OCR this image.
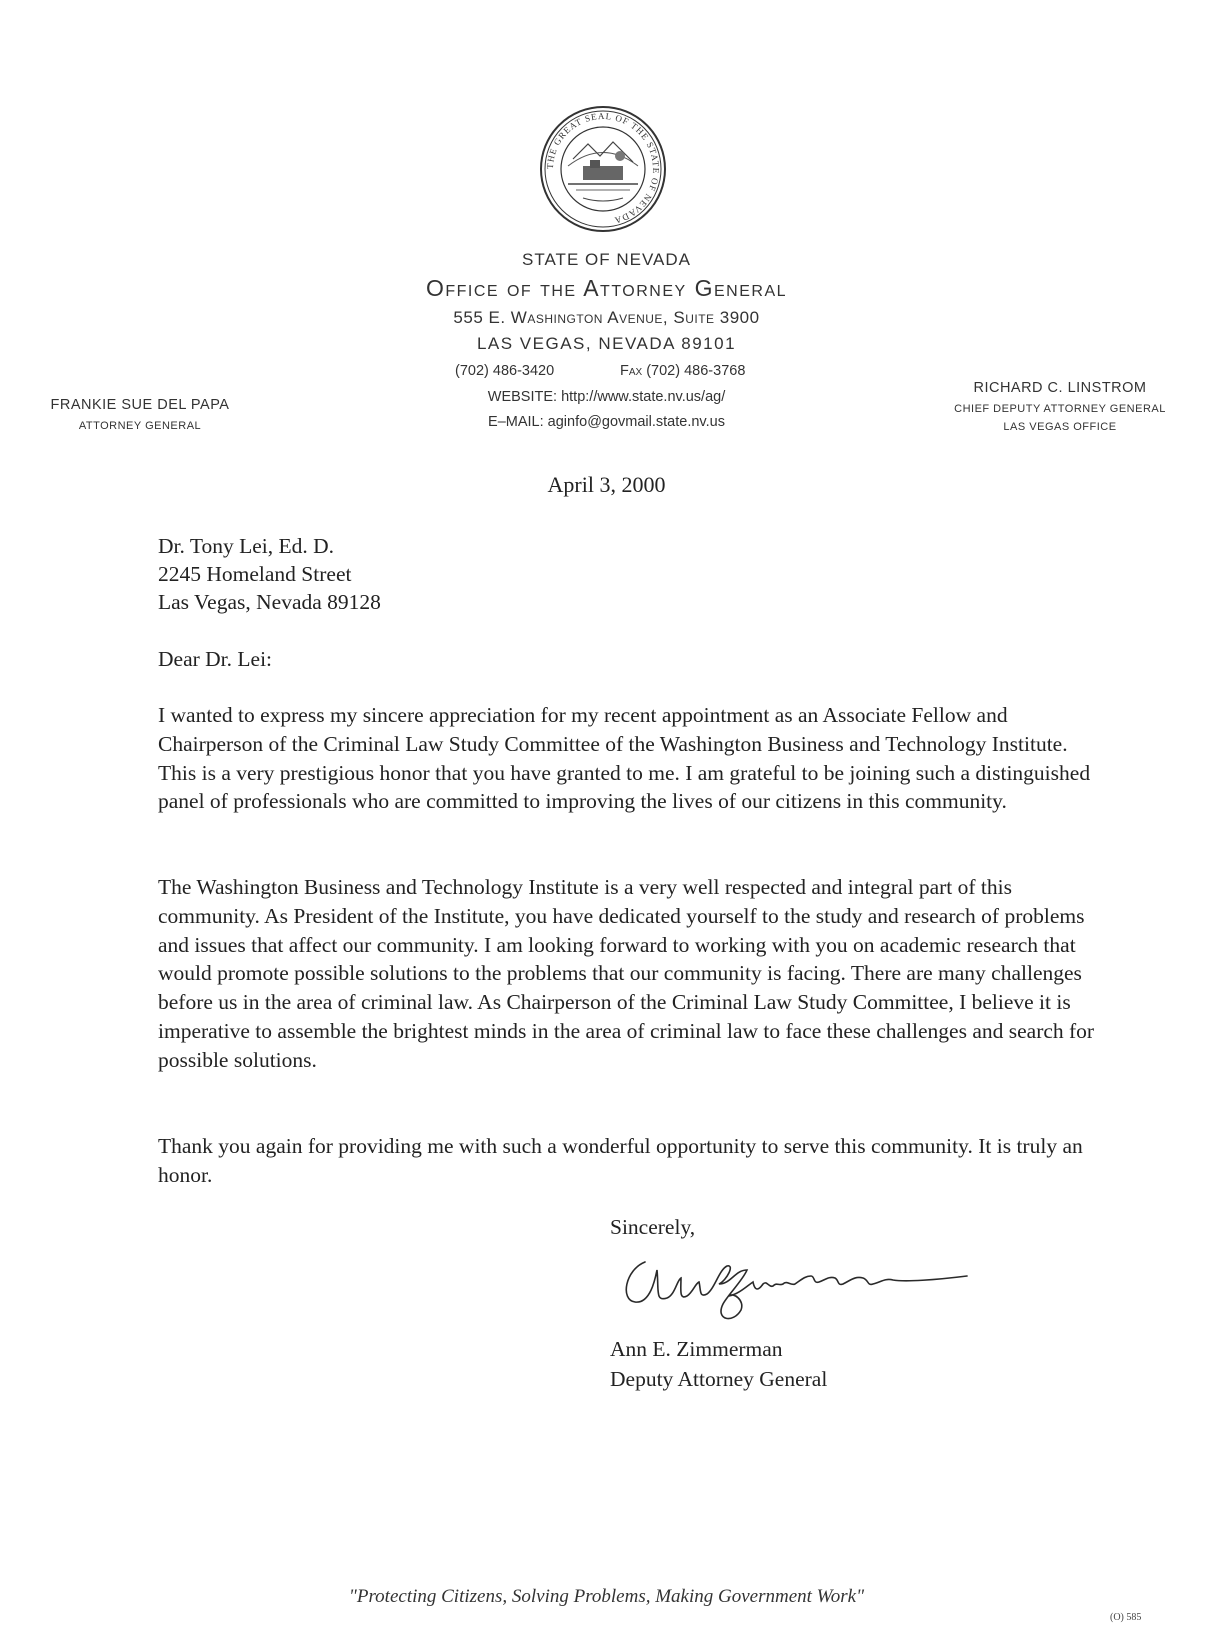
THE GREAT SEAL OF THE STATE OF NEVADA
STATE OF NEVADA
Office of the Attorney General
555 E. Washington Avenue, Suite 3900
LAS VEGAS, NEVADA 89101
(702) 486-3420	Fax (702) 486-3768
WEBSITE: http://www.state.nv.us/ag/
E–MAIL: aginfo@govmail.state.nv.us
FRANKIE SUE DEL PAPA
ATTORNEY GENERAL
RICHARD C. LINSTROM
CHIEF DEPUTY ATTORNEY GENERAL
LAS VEGAS OFFICE
April 3, 2000
Dr. Tony Lei, Ed. D.
2245 Homeland Street
Las Vegas, Nevada 89128
Dear Dr. Lei:
I wanted to express my sincere appreciation for my recent appointment as an Associate Fellow and Chairperson of the Criminal Law Study Committee of the Washington Business and Technology Institute. This is a very prestigious honor that you have granted to me. I am grateful to be joining such a distinguished panel of professionals who are committed to improving the lives of our citizens in this community.
The Washington Business and Technology Institute is a very well respected and integral part of this community. As President of the Institute, you have dedicated yourself to the study and research of problems and issues that affect our community. I am looking forward to working with you on academic research that would promote possible solutions to the problems that our community is facing. There are many challenges before us in the area of criminal law. As Chairperson of the Criminal Law Study Committee, I believe it is imperative to assemble the brightest minds in the area of criminal law to face these challenges and search for possible solutions.
Thank you again for providing me with such a wonderful opportunity to serve this community. It is truly an honor.
Sincerely,
Ann E. Zimmerman
Deputy Attorney General
"Protecting Citizens, Solving Problems, Making Government Work"
(O) 585
